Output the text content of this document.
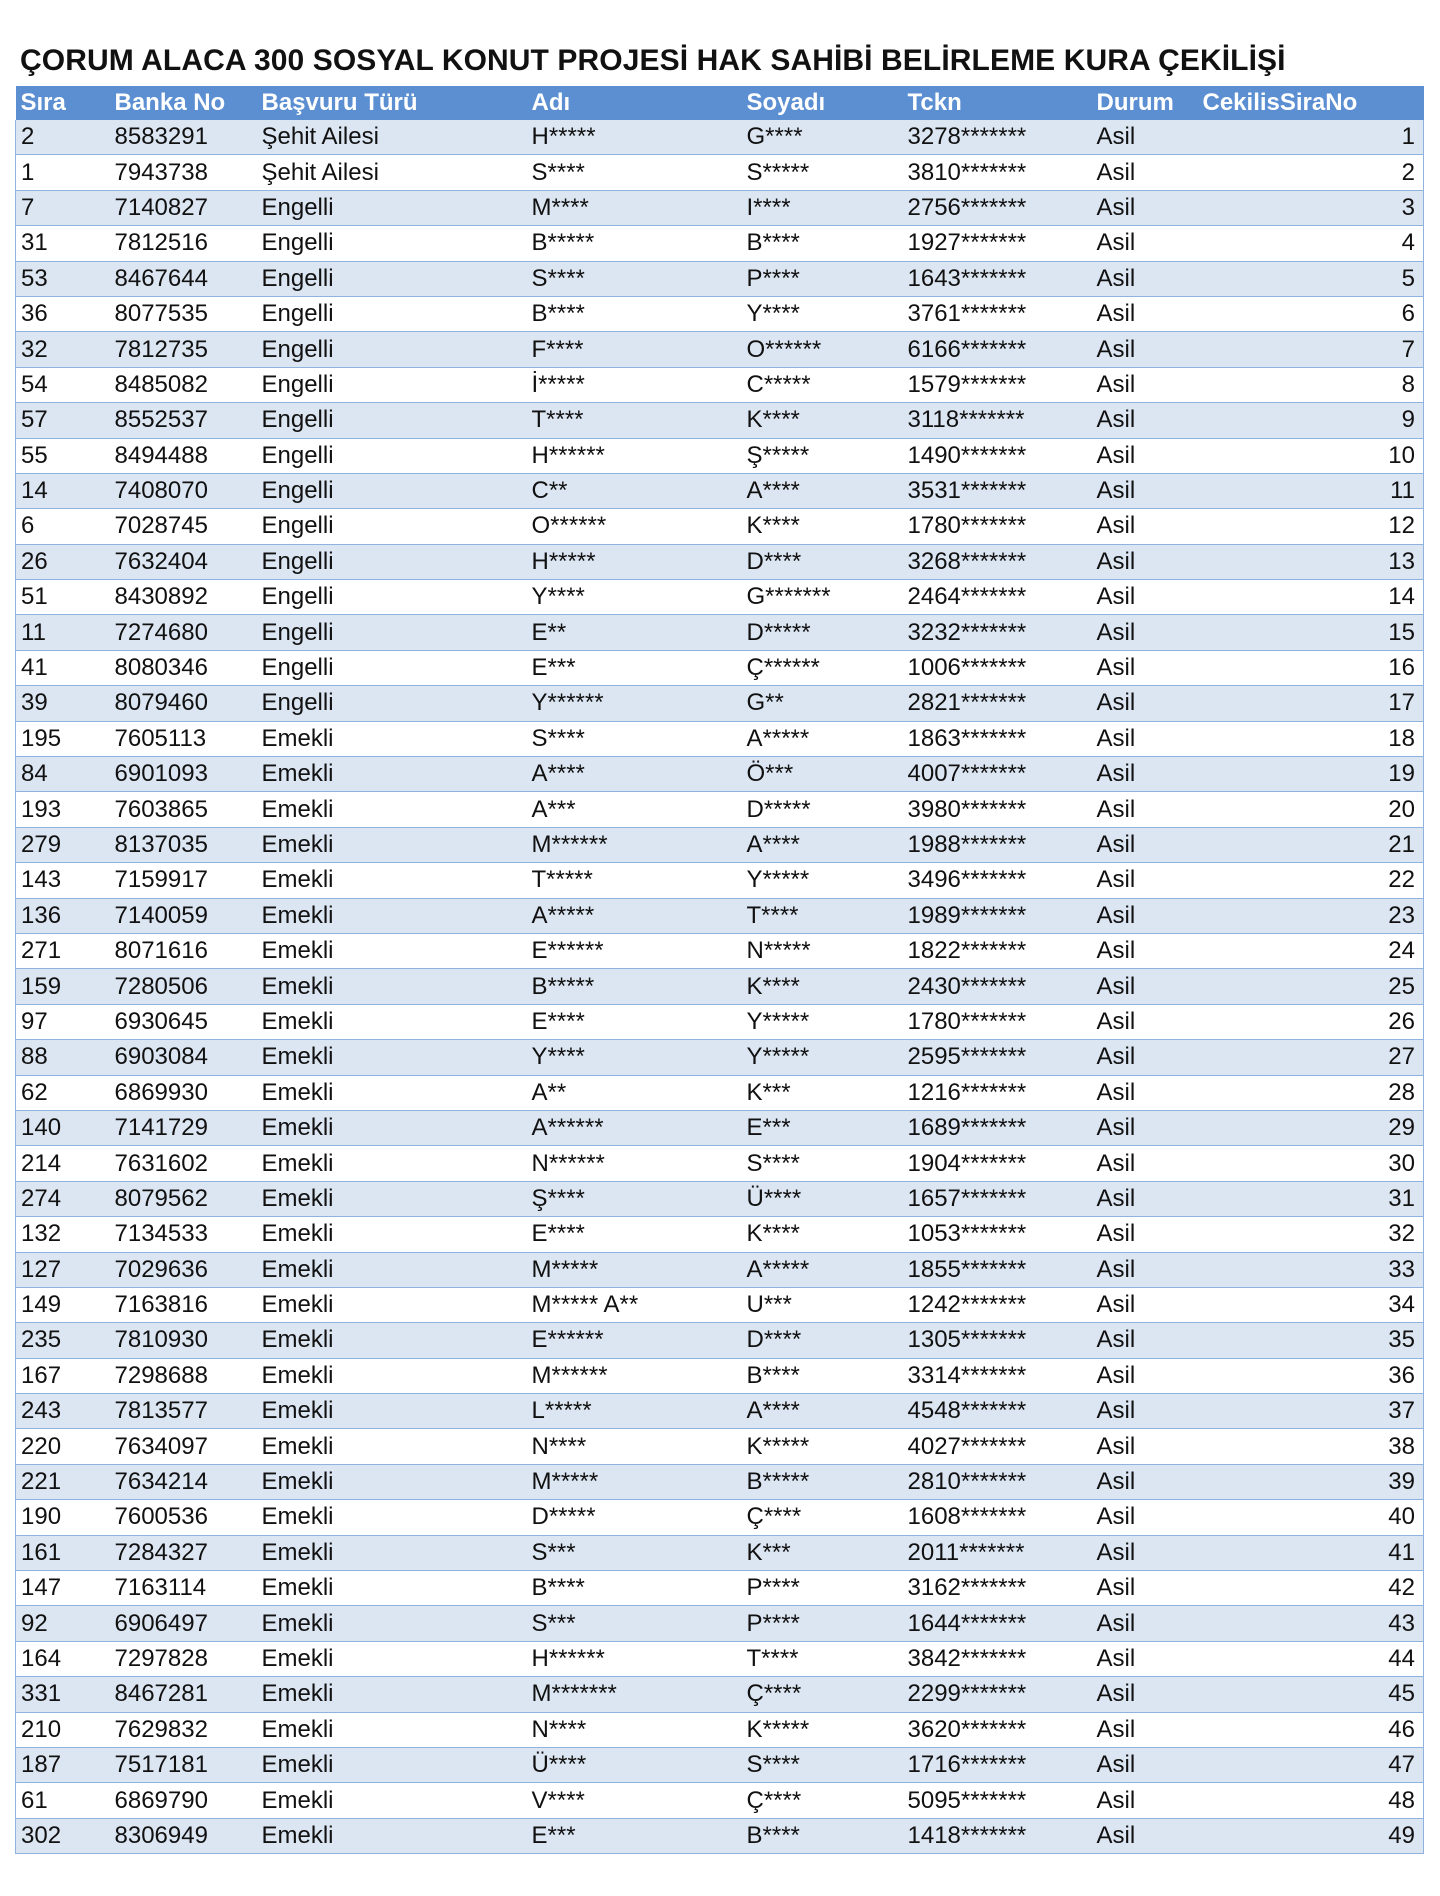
ÇORUM ALACA 300 SOSYAL KONUT PROJESİ HAK SAHİBİ BELİRLEME KURA ÇEKİLİŞİ
Sıra	Banka No	Başvuru Türü	Adı	Soyadı	Tckn	Durum	CekilisSiraNo
2	8583291	Şehit Ailesi	H*****	G****	3278*******	Asil	1
1	7943738	Şehit Ailesi	S****	S*****	3810*******	Asil	2
7	7140827	Engelli	M****	I****	2756*******	Asil	3
31	7812516	Engelli	B*****	B****	1927*******	Asil	4
53	8467644	Engelli	S****	P****	1643*******	Asil	5
36	8077535	Engelli	B****	Y****	3761*******	Asil	6
32	7812735	Engelli	F****	O******	6166*******	Asil	7
54	8485082	Engelli	İ*****	C*****	1579*******	Asil	8
57	8552537	Engelli	T****	K****	3118*******	Asil	9
55	8494488	Engelli	H******	Ş*****	1490*******	Asil	10
14	7408070	Engelli	C**	A****	3531*******	Asil	11
6	7028745	Engelli	O******	K****	1780*******	Asil	12
26	7632404	Engelli	H*****	D****	3268*******	Asil	13
51	8430892	Engelli	Y****	G*******	2464*******	Asil	14
11	7274680	Engelli	E**	D*****	3232*******	Asil	15
41	8080346	Engelli	E***	Ç******	1006*******	Asil	16
39	8079460	Engelli	Y******	G**	2821*******	Asil	17
195	7605113	Emekli	S****	A*****	1863*******	Asil	18
84	6901093	Emekli	A****	Ö***	4007*******	Asil	19
193	7603865	Emekli	A***	D*****	3980*******	Asil	20
279	8137035	Emekli	M******	A****	1988*******	Asil	21
143	7159917	Emekli	T*****	Y*****	3496*******	Asil	22
136	7140059	Emekli	A*****	T****	1989*******	Asil	23
271	8071616	Emekli	E******	N*****	1822*******	Asil	24
159	7280506	Emekli	B*****	K****	2430*******	Asil	25
97	6930645	Emekli	E****	Y*****	1780*******	Asil	26
88	6903084	Emekli	Y****	Y*****	2595*******	Asil	27
62	6869930	Emekli	A**	K***	1216*******	Asil	28
140	7141729	Emekli	A******	E***	1689*******	Asil	29
214	7631602	Emekli	N******	S****	1904*******	Asil	30
274	8079562	Emekli	Ş****	Ü****	1657*******	Asil	31
132	7134533	Emekli	E****	K****	1053*******	Asil	32
127	7029636	Emekli	M*****	A*****	1855*******	Asil	33
149	7163816	Emekli	M***** A**	U***	1242*******	Asil	34
235	7810930	Emekli	E******	D****	1305*******	Asil	35
167	7298688	Emekli	M******	B****	3314*******	Asil	36
243	7813577	Emekli	L*****	A****	4548*******	Asil	37
220	7634097	Emekli	N****	K*****	4027*******	Asil	38
221	7634214	Emekli	M*****	B*****	2810*******	Asil	39
190	7600536	Emekli	D*****	Ç****	1608*******	Asil	40
161	7284327	Emekli	S***	K***	2011*******	Asil	41
147	7163114	Emekli	B****	P****	3162*******	Asil	42
92	6906497	Emekli	S***	P****	1644*******	Asil	43
164	7297828	Emekli	H******	T****	3842*******	Asil	44
331	8467281	Emekli	M*******	Ç****	2299*******	Asil	45
210	7629832	Emekli	N****	K*****	3620*******	Asil	46
187	7517181	Emekli	Ü****	S****	1716*******	Asil	47
61	6869790	Emekli	V****	Ç****	5095*******	Asil	48
302	8306949	Emekli	E***	B****	1418*******	Asil	49
